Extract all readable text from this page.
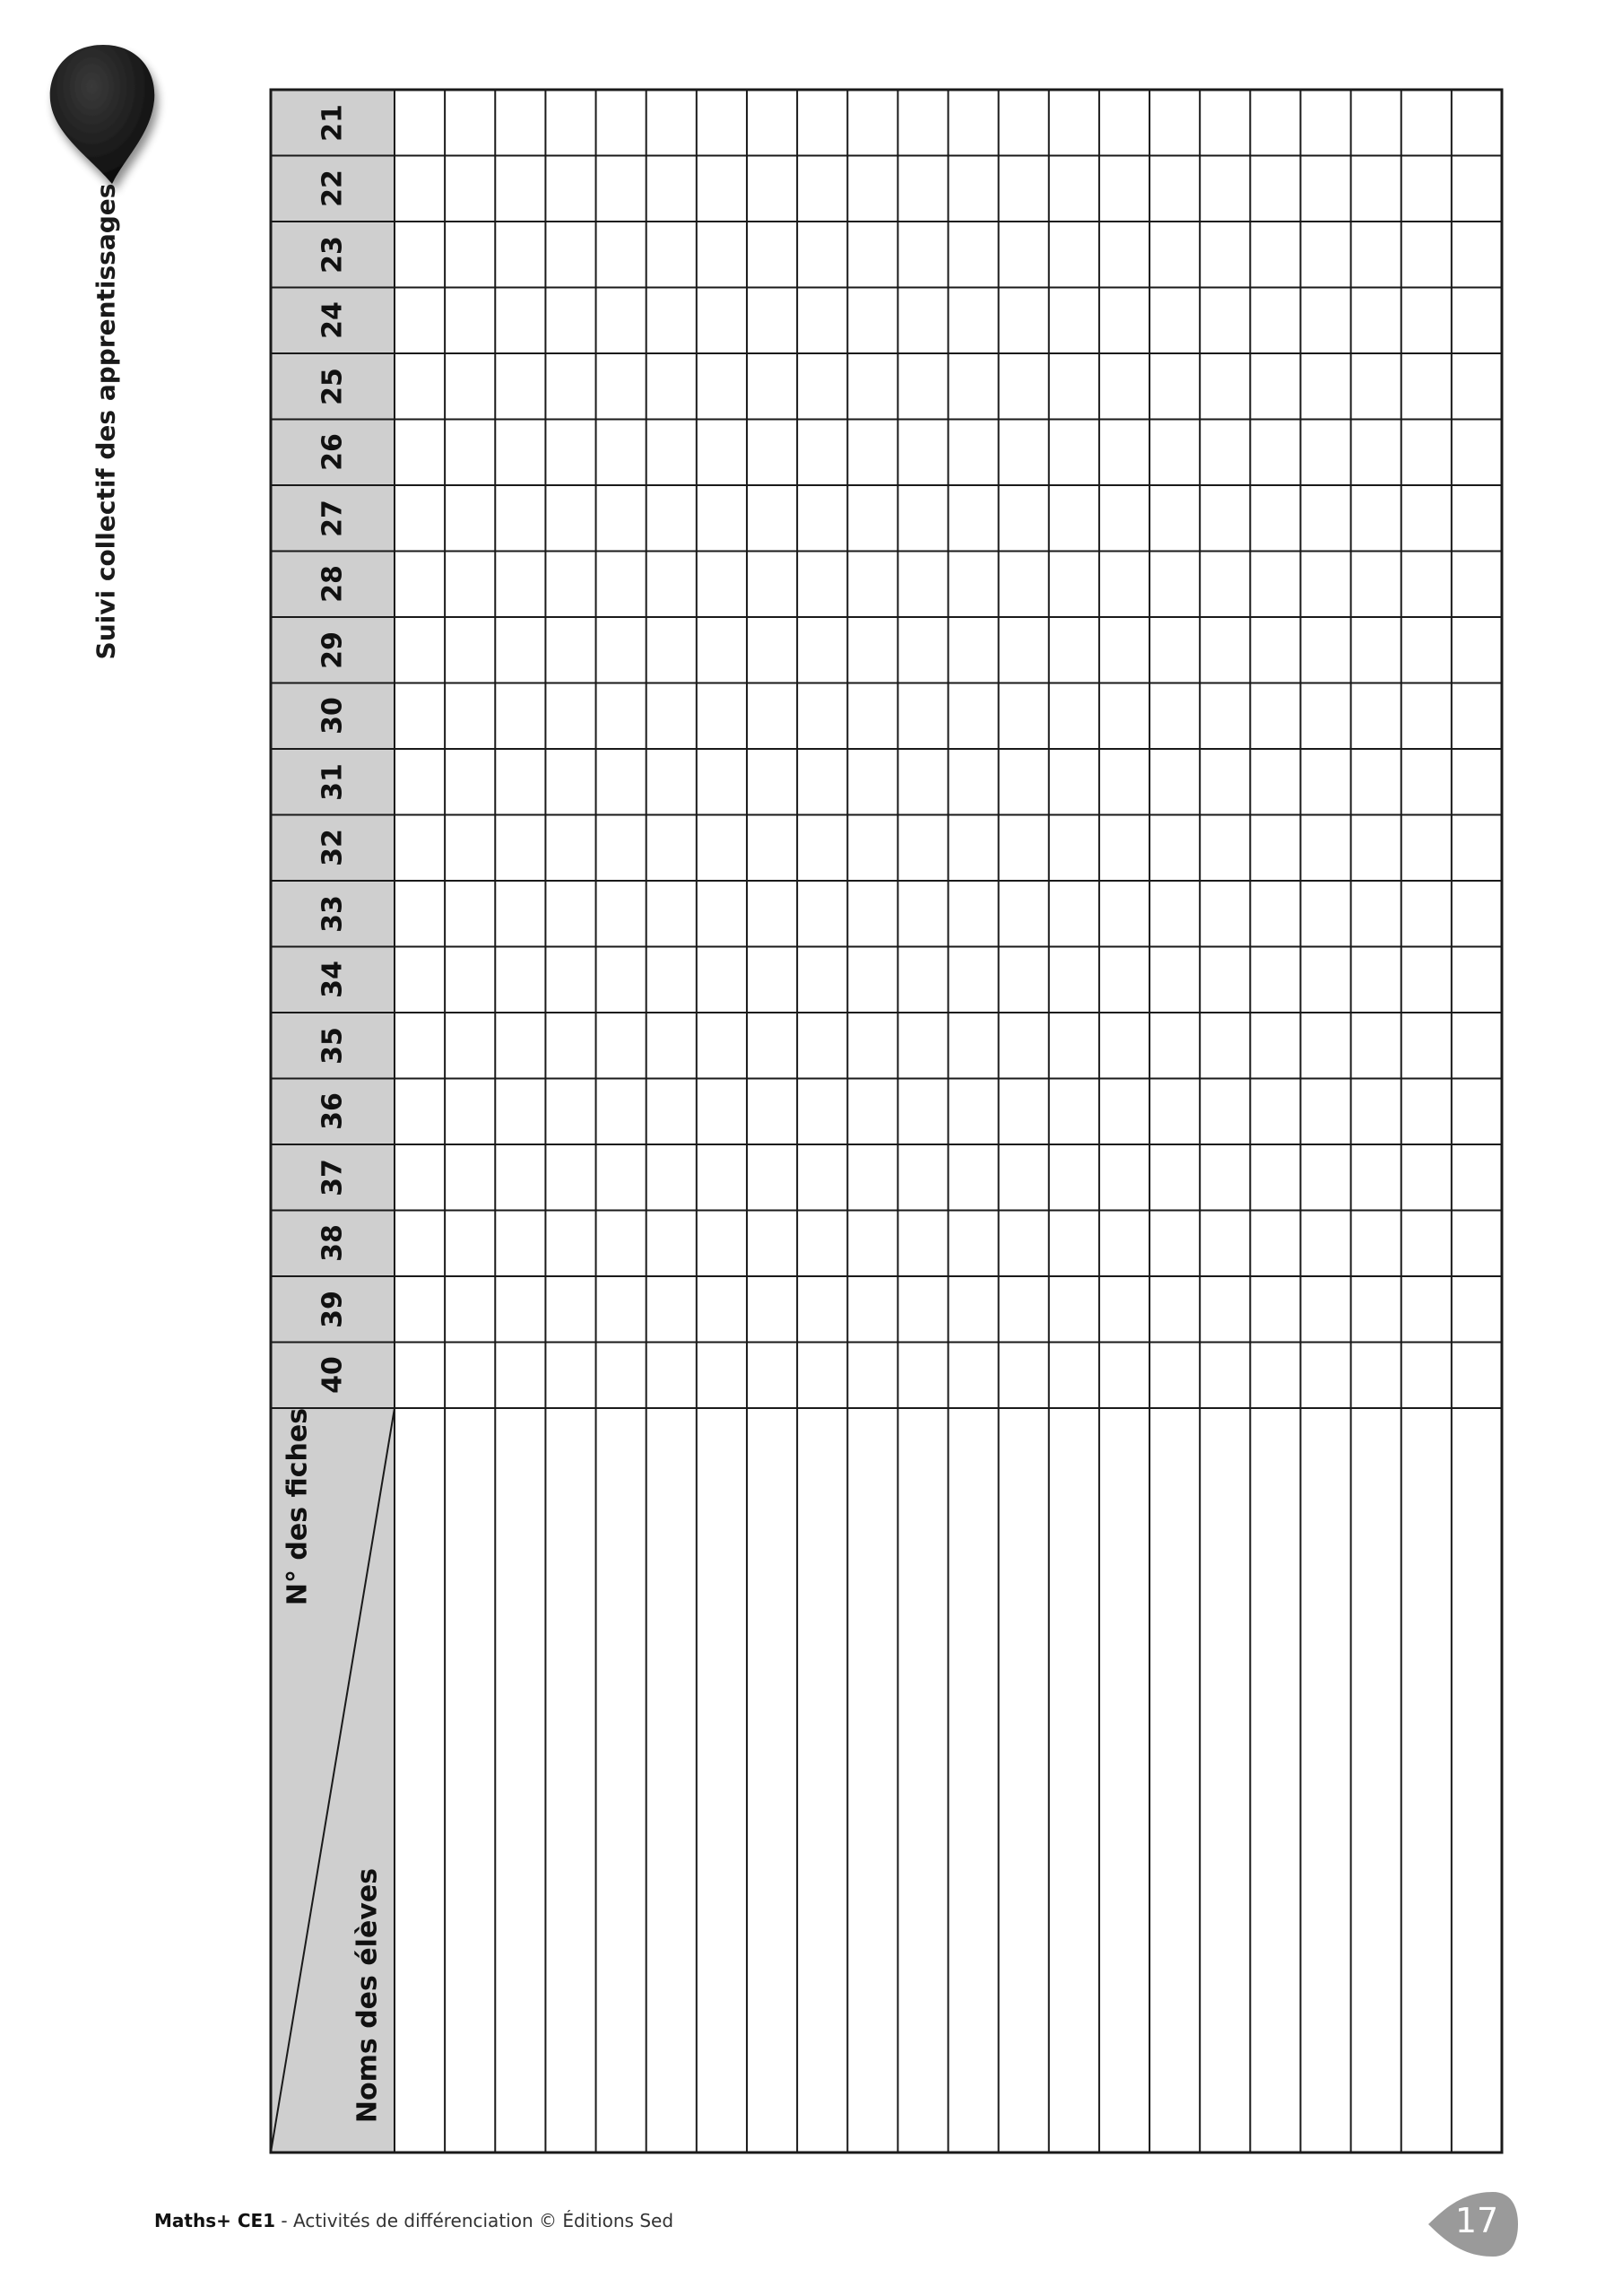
Suivi collectif des apprentissages
21
22
23
24
25
26
27
28
29
30
31
32
33
34
35
36
37
38
39
40
N° des fiches
Noms des élèves
Maths+ CE1 - Activités de différenciation © Éditions Sed	17
